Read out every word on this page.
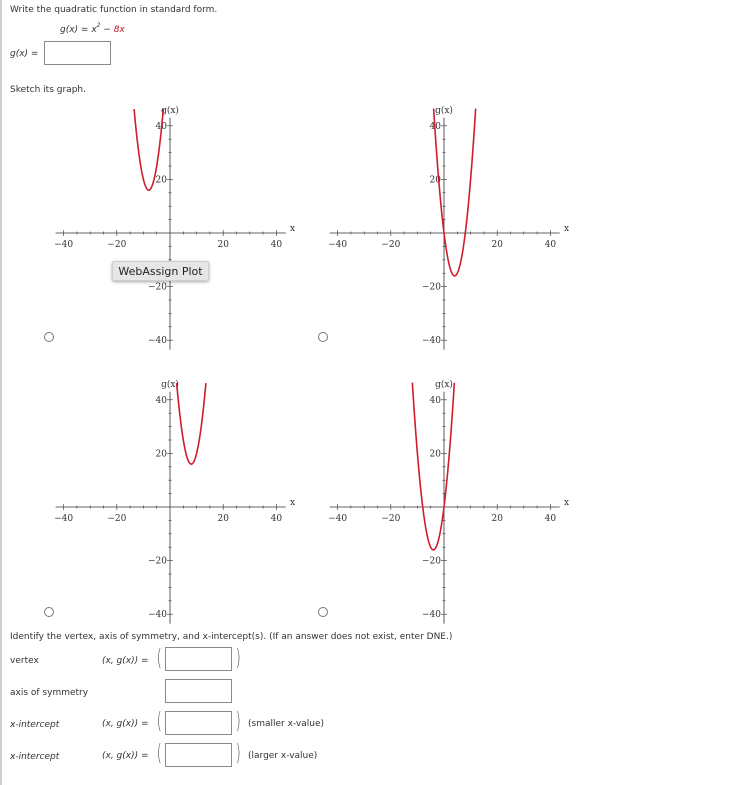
Write the quadratic function in standard form.
$g(x) = x^2 - 8x$
g(x) =
Sketch its graph.
−40	−20	20	40
40
20
−20
−40
g(x)
x
−40	−20	20	40
40
20
−20
−40
g(x)
x
−40	−20	20	40
40
20
−20
−40
g(x)
x
−40	−20	20	40
40
20
−20
−40
g(x)
x
WebAssign Plot
Identify the vertex, axis of symmetry, and x-intercept(s). (If an answer does not exist, enter DNE.)
vertex	(x, g(x)) = (	)
axis of symmetry
x-intercept	(x, g(x)) = (	) (smaller x-value)
x-intercept	(x, g(x)) = (	) (larger x-value)
